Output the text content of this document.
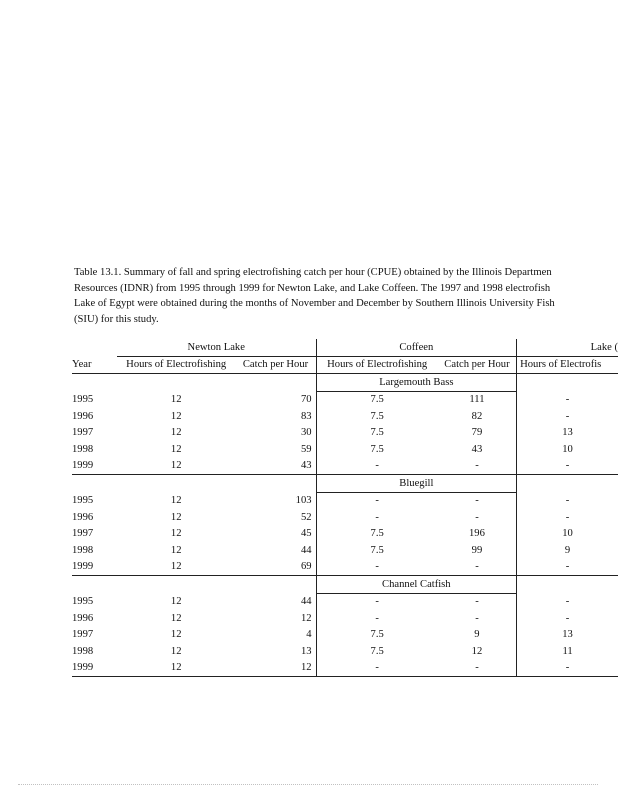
Table 13.1. Summary of fall and spring electrofishing catch per hour (CPUE) obtained by the Illinois Departmen
Resources (IDNR) from 1995 through 1999 for Newton Lake, and Lake Coffeen. The 1997 and 1998 electrofish
Lake of Egypt were obtained during the months of November and December by Southern Illinois University Fish
(SIU) for this study.
	Newton Lake		Coffeen		Lake (
Year	Hours of Electrofishing	Catch per Hour	Hours of Electrofishing	Catch per Hour	Hours of Electrofis
			Largemouth Bass		
1995	12	70	7.5	111	-
1996	12	83	7.5	82	-
1997	12	30	7.5	79	13
1998	12	59	7.5	43	10
1999	12	43	-	-	-
			Bluegill		
1995	12	103	-	-	-
1996	12	52	-	-	-
1997	12	45	7.5	196	10
1998	12	44	7.5	99	9
1999	12	69	-	-	-
			Channel Catfish		
1995	12	44	-	-	-
1996	12	12	-	-	-
1997	12	4	7.5	9	13
1998	12	13	7.5	12	11
1999	12	12	-	-	-
